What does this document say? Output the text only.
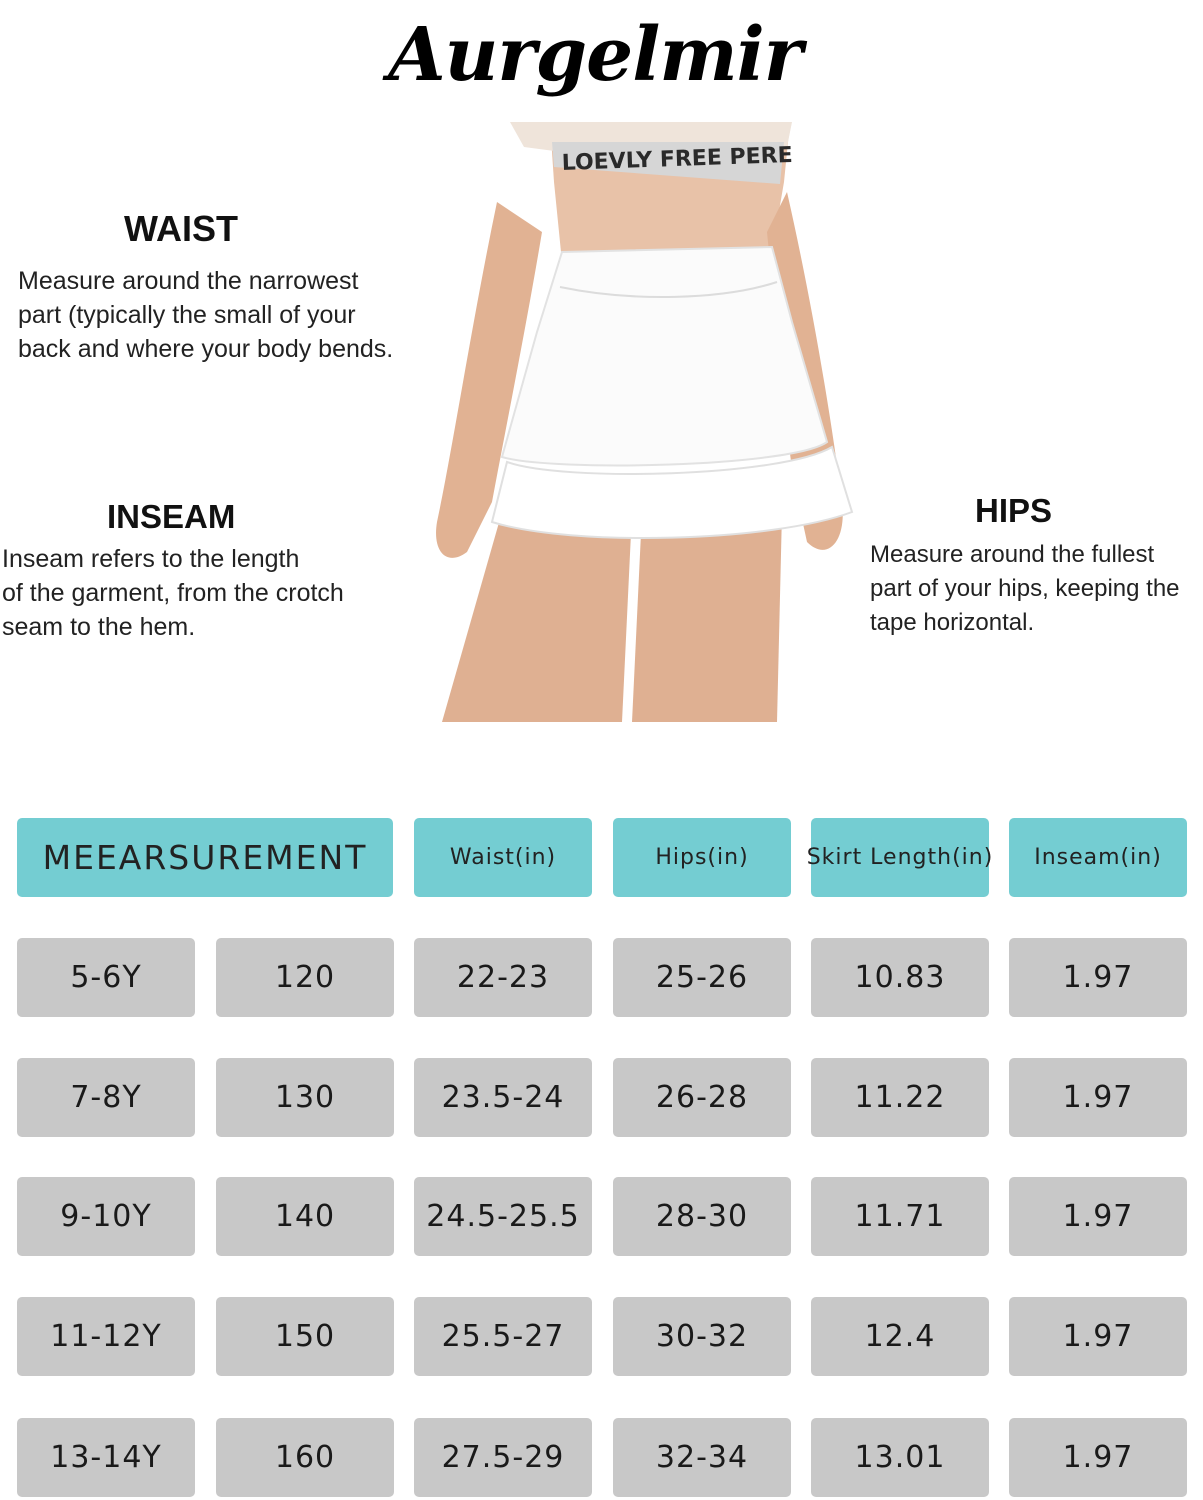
Aurgelmir
LOEVLY FREE PERE
WAIST
Measure around the narrowest
part (typically the small of your
back and where your body bends.
INSEAM
Inseam refers to the length
of the garment, from the crotch
seam to the hem.
HIPS
Measure around the fullest
part of your hips, keeping the
tape horizontal.
MEEARSUREMENT	Waist(in)	Hips(in)	Skirt Length(in)	Inseam(in)
5-6Y	120	22-23	25-26	10.83	1.97
7-8Y	130	23.5-24	26-28	11.22	1.97
9-10Y	140	24.5-25.5	28-30	11.71	1.97
11-12Y	150	25.5-27	30-32	12.4	1.97
13-14Y	160	27.5-29	32-34	13.01	1.97
